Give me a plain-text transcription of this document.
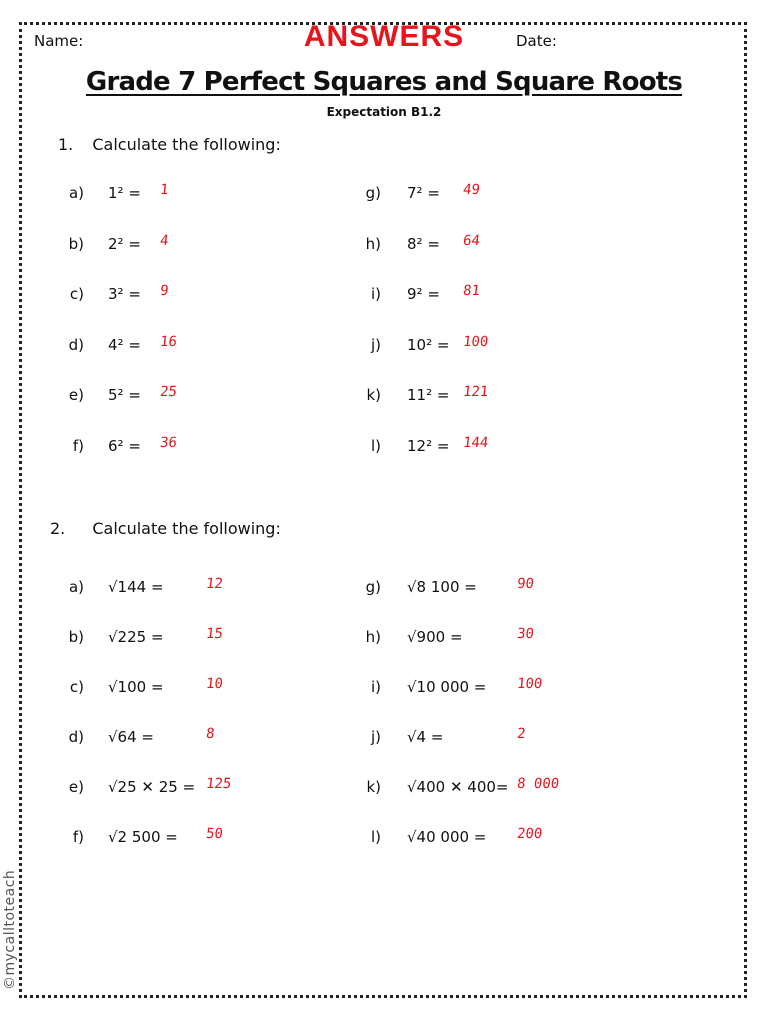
Name:	Date:
ANSWERS
Grade 7 Perfect Squares and Square Roots
Expectation B1.2
1. Calculate the following:
2. Calculate the following:
a) 1² = 1
b) 2² = 4
c) 3² = 9
d) 4² = 16
e) 5² = 25
f) 6² = 36
g) 7² = 49
h) 8² = 64
i) 9² = 81
j) 10² = 100
k) 11² = 121
l) 12² = 144
a) √144 =	12
b) √225 =	15
c) √100 =	10
d) √64 =	8
e) √25 ✕ 25 = 125
f) √2 500 = 50
g) √8 100 =	90
h) √900 =	30
i) √10 000 = 100
j) √4 =	2
k) √400 ✕ 400= 8 000
l) √40 000 = 200
©mycalltoteach
